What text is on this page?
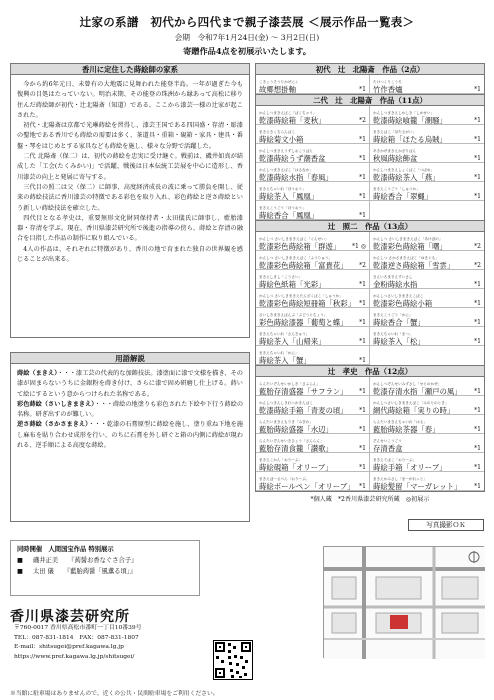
辻家の系譜　初代から四代まで親子漆芸展 ＜展示作品一覧表＞
会期　 令和7年1月24日(金) 〜 3月2日(日)
寄贈作品4点を初展示いたします。
香川に定住した蒔絵師の家系

今から約6年元日、未曾有の大地震に見舞われた能登半島。一年が過ぎた今も復興の目処はたっていない。明治末期、その能登の珠洲から縁あって高松に移り住んだ蒔絵師が初代・辻北陽斎（知道）である。ここから漆芸一様の辻家が起こされた。

初代・北陽斎は京都で光琳蒔絵を習得し、漆芸王国である四国盛・存清・彫漆の聖地である香川でも蒔絵の需要は多く、茶道具・重箱・硯箱・家具・建具・番盤・琴をはじめとする家具なども蒔絵を施し、様々な分野で活躍した。

二代 北陽斎（保二）は、初代の蒔絵を忠実に受け継ぐ。戦前は、磯井如真が結成した「工会(たくみかい)」で活躍、戦後は日本伝統工芸展を中心に造形し、香川漆芸の向上と発展に寄与する。

三代目の照二は父（保二）に師事、高度経済成長の波に乗って勝負を開し、従来の蒔絵技法に香川漆芸の特徴である彩色を取り入れ、彩色蒔絵と逆さ蒔絵という新しい蒔絵技法を確立した。

四代目となる孝史は、重要無形文化財同保持者・太田儀氏に師事し、藍胎漆器・存清を学ぶ。現在、香川県漆芸研究所で後進の指導の傍ら、蒔絵と存清の融合を目指した作品の制作に取り組んでいる。

4人の作品は、それぞれに特徴があり、香川の地で育まれた独自の世界観を感じることが出来る。

用語解説
蒔絵（まきえ）・・・漆工芸の代表的な加飾技法。漆塗面に漆で文様を描き、その漆が固まらないうちに金銀粉を蒔き付け、さらに漆で固め研磨し仕上げる。蒔いて絵にするという意からつけられた名称である。
彩色蒔絵（さいしきまきえ）・・・蒔絵の地塗りも彩色された下絵や下行う蒔絵の名称。研ぎ出すのが難しい。
逆さ蒔絵（さかさまきえ）・・・乾漆の石膏原型に蒔絵を施し、塗り重ね下地を施し麻布を貼り合わせ成形を行い、のちに石膏を外し研ぐと箱の内側に蒔絵が現われる、逆手順による高度な蒔絵。
初代　辻　北陽斎　作品（2点）
こきょうそうりかぜにく
故郷想掛軸	*1
たけつくりこうろ
竹作香爐	*1
二代　辻　北陽斎　作品（11点）
かんしつまきえばこ「ばくちゃう」
乾漆蒔絵箱「麦秋」	*2
かんしつまきえしかしき「しかせい」
乾漆蒔絵喰籠「潮騒」	*1
まきえきくちらんばこ
蒔絵菊文小箱	*1
まきえばこ「ほたるがい」
蒔絵箱「ほたる烏賊」	*1
かんしつまきえうずしおこうばん
乾漆蒔絵うず潮香盆	*1
あきかぜまきえかざりばん
秋風蒔絵飾盆	*1
かんしつまきえばこ「はるなか」
乾漆蒔絵水指「春風」	*1
かんしつまきえしょくばこ「つばめ」
乾漆蒔絵茶入「燕」	*1
まきえちゃいれ「ほうおう」
蒔絵茶入「鳳凰」	*1
まきえこうごう「しゅうか」
蒔絵香合「翠蝿」	*1
まきえこうごう「ほうおう」
蒔絵香合「鳳凰」	*1
辻　照二　作品（13点）
かんしつ さいしきまきえばこ「ぐんせい」
乾漆彩色蒔絵箱「群遊」 *1 ◎
かんしつ さいしきまきえばこ「あけぼの」
乾漆彩色蒔絵箱「曙」	*2
かんしつ さいしきまきえばこ「ふうりゅう」
乾漆彩色蒔絵箱「富貴花」 *2
かんしつ さかさまきえばこ「ゆきぐも」
乾漆逆さ蒔絵箱「雪雲」	*2
まきえしきし「こうさい」
蒔絵色紙箱「光彩」	*1
きんいろまきえすいさし
金粉蒔絵水指	*1
かんしつ さいしきまきえたんざくばこ「しゅうか」
乾漆彩色蒔絵短冊箱「秋彩」 *1
かんしつさいしきまきえこばこ
乾漆彩色蒔絵小箱	*1
さいしきまきえばんぶ「ぶどうとちょう」
彩色蒔絵漆器「葡萄と蝶」 *1
まきえこうごう「かに」
蒔絵香合「蟹」	*1
まきえちゃいれ「さんきゅう」
蒔絵茶入「山帰来」	*1
まきえちゃいれ「まつ」
蒔絵茶入「松」	*1
まきえちゃいれ「かに」
蒔絵茶入「蟹」	*1
辻　孝史　作品（12点）
らんたいぞんせいかしき「さふらん」
藍胎存清盛器「サフラン」 *1
かんしつぞんせいみずさし「せとのかぜ」
乾漆存清水指「瀬戸の風」 *1
かんしつきんしきれっかきんばこ
乾漆蒔絵手箱「青麦の頃」 *1
かんしつさいしきまきえばこ「みのりのとき」
網代蒔絵箱「実りの時」	*1
らんたいまきえもりき「みぎわ」
藍胎蒔絵盛器「水辺」	*1
らんたいまきえちゃいれ「はる」
藍胎蒔絵茶器「春」	*1
らんたいぞんせいきひょう「さんらん」
藍胎存清食籠「讃歌」	*1
ぞんせいこうごう
存清香盒	*1
まきえこかん「おりーぶ」
蒔絵硯箱「オリーブ」	*1
まきえてばこ「おりーぶ」
蒔絵手箱「オリーブ」	*1
まきえぼーるぺん「おりーぶ」
蒔絵ボールペン「オリーブ」 *1
まきえかみさし「まーがれっと」
蒔絵髪留「マーガレット」 *1
*個人蔵　 *2香川県漆芸研究所蔵　◎初展示
写真撮影ＯＫ
同時開催　人間国宝作品 特別展示
■ 磯井正美 『蒟醤お香なぐさ合子』
■ 太田 儀 『藍胎蒟醤「風薫る頃」』
香川県漆芸研究所
〒760-0017 香川県高松市番町一丁目10番39号
TEL：087-831-1814　FAX：087-831-1807
E-mail：shitsugei@pref.kagawa.lg.jp
https://www.pref.kagawa.lg.jp/shitsugei/
※当館に駐車場はありませんので、近くの公共・民間駐車場をご利用ください。
